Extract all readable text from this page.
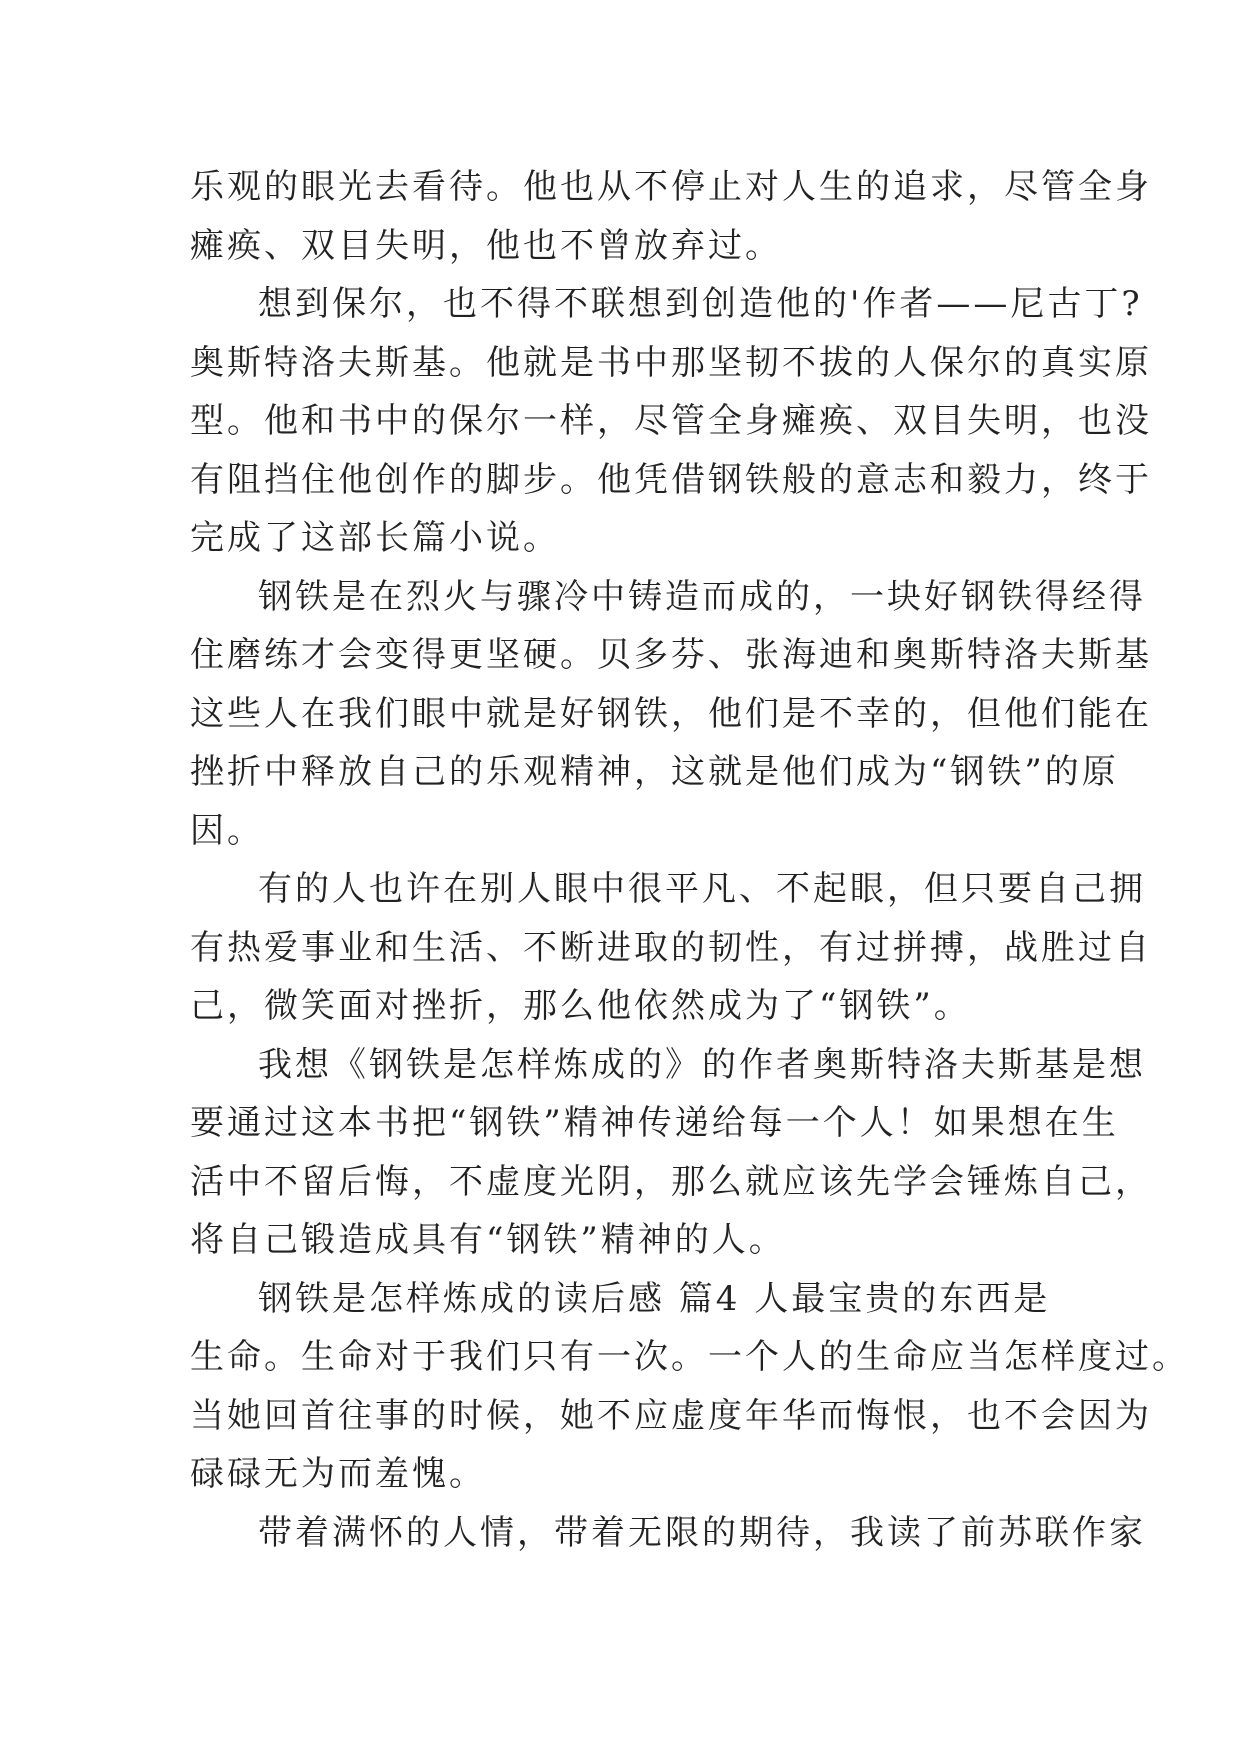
乐观的眼光去看待。他也从不停止对人生的追求，尽管全身
瘫痪、双目失明，他也不曾放弃过。
想到保尔，也不得不联想到创造他的'作者——尼古丁?
奥斯特洛夫斯基。他就是书中那坚韧不拔的人保尔的真实原
型。他和书中的保尔一样，尽管全身瘫痪、双目失明，也没
有阻挡住他创作的脚步。他凭借钢铁般的意志和毅力，终于
完成了这部长篇小说。
钢铁是在烈火与骤冷中铸造而成的，一块好钢铁得经得
住磨练才会变得更坚硬。贝多芬、张海迪和奥斯特洛夫斯基
这些人在我们眼中就是好钢铁，他们是不幸的，但他们能在
挫折中释放自己的乐观精神，这就是他们成为“钢铁”的原
因。
有的人也许在别人眼中很平凡、不起眼，但只要自己拥
有热爱事业和生活、不断进取的韧性，有过拼搏，战胜过自
己，微笑面对挫折，那么他依然成为了“钢铁”。
我想《钢铁是怎样炼成的》的作者奥斯特洛夫斯基是想
要通过这本书把“钢铁”精神传递给每一个人！如果想在生
活中不留后悔，不虚度光阴，那么就应该先学会锤炼自己，
将自己锻造成具有“钢铁”精神的人。
钢铁是怎样炼成的读后感 篇4 人最宝贵的东西是
生命。生命对于我们只有一次。一个人的生命应当怎样度过。
当她回首往事的时候，她不应虚度年华而悔恨，也不会因为
碌碌无为而羞愧。
带着满怀的人情，带着无限的期待，我读了前苏联作家
